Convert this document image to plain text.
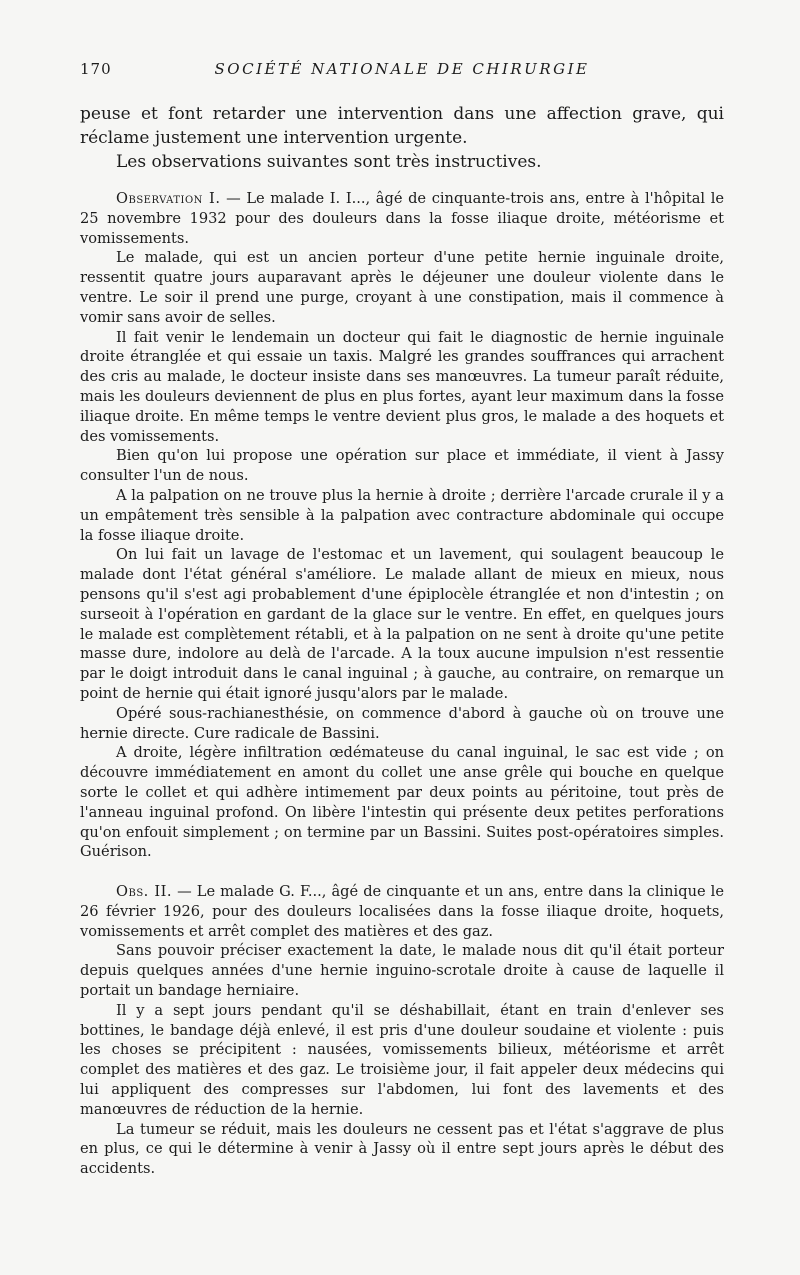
170	SOCIÉTÉ NATIONALE DE CHIRURGIE

peuse et font retarder une intervention dans une affection grave, qui réclame justement une intervention urgente.

Les observations suivantes sont très instructives.

Observation I. — Le malade I. I..., âgé de cinquante-trois ans, entre à l'hôpital le 25 novembre 1932 pour des douleurs dans la fosse iliaque droite, météorisme et vomissements.

Le malade, qui est un ancien porteur d'une petite hernie inguinale droite, ressentit quatre jours auparavant après le déjeuner une douleur violente dans le ventre. Le soir il prend une purge, croyant à une constipation, mais il commence à vomir sans avoir de selles.

Il fait venir le lendemain un docteur qui fait le diagnostic de hernie inguinale droite étranglée et qui essaie un taxis. Malgré les grandes souffrances qui arrachent des cris au malade, le docteur insiste dans ses manœuvres. La tumeur paraît réduite, mais les douleurs deviennent de plus en plus fortes, ayant leur maximum dans la fosse iliaque droite. En même temps le ventre devient plus gros, le malade a des hoquets et des vomissements.

Bien qu'on lui propose une opération sur place et immédiate, il vient à Jassy consulter l'un de nous.

A la palpation on ne trouve plus la hernie à droite ; derrière l'arcade crurale il y a un empâtement très sensible à la palpation avec contracture abdominale qui occupe la fosse iliaque droite.

On lui fait un lavage de l'estomac et un lavement, qui soulagent beaucoup le malade dont l'état général s'améliore. Le malade allant de mieux en mieux, nous pensons qu'il s'est agi probablement d'une épiplocèle étranglée et non d'intestin ; on surseoit à l'opération en gardant de la glace sur le ventre. En effet, en quelques jours le malade est complètement rétabli, et à la palpation on ne sent à droite qu'une petite masse dure, indolore au delà de l'arcade. A la toux aucune impulsion n'est ressentie par le doigt introduit dans le canal inguinal ; à gauche, au contraire, on remarque un point de hernie qui était ignoré jusqu'alors par le malade.

Opéré sous-rachianesthésie, on commence d'abord à gauche où on trouve une hernie directe. Cure radicale de Bassini.

A droite, légère infiltration œdémateuse du canal inguinal, le sac est vide ; on découvre immédiatement en amont du collet une anse grêle qui bouche en quelque sorte le collet et qui adhère intimement par deux points au péritoine, tout près de l'anneau inguinal profond. On libère l'intestin qui présente deux petites perforations qu'on enfouit simplement ; on termine par un Bassini. Suites post-opératoires simples. Guérison.

Obs. II. — Le malade G. F..., âgé de cinquante et un ans, entre dans la clinique le 26 février 1926, pour des douleurs localisées dans la fosse iliaque droite, hoquets, vomissements et arrêt complet des matières et des gaz.

Sans pouvoir préciser exactement la date, le malade nous dit qu'il était porteur depuis quelques années d'une hernie inguino-scrotale droite à cause de laquelle il portait un bandage herniaire.

Il y a sept jours pendant qu'il se déshabillait, étant en train d'enlever ses bottines, le bandage déjà enlevé, il est pris d'une douleur soudaine et violente : puis les choses se précipitent : nausées, vomissements bilieux, météorisme et arrêt complet des matières et des gaz. Le troisième jour, il fait appeler deux médecins qui lui appliquent des compresses sur l'abdomen, lui font des lavements et des manœuvres de réduction de la hernie.

La tumeur se réduit, mais les douleurs ne cessent pas et l'état s'aggrave de plus en plus, ce qui le détermine à venir à Jassy où il entre sept jours après le début des accidents.
